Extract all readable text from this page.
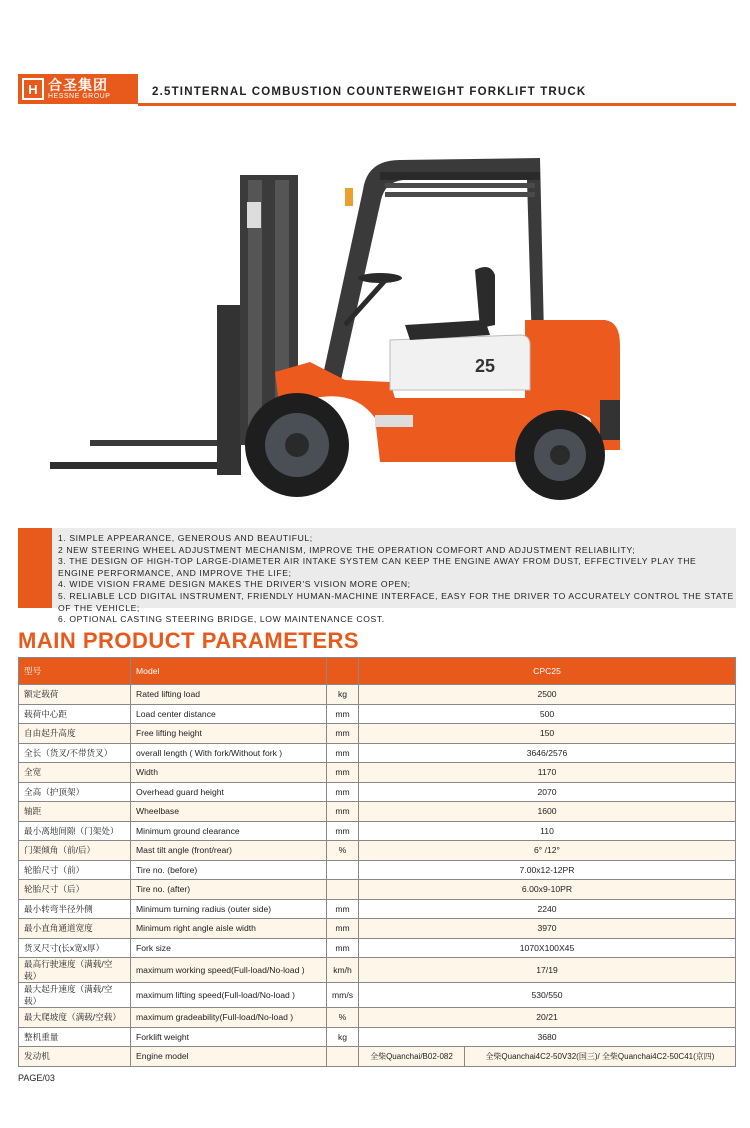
H 合圣集团
HESSNE GROUP	2.5TINTERNAL COMBUSTION COUNTERWEIGHT FORKLIFT TRUCK
25
1. SIMPLE APPEARANCE, GENEROUS AND BEAUTIFUL;
2 NEW STEERING WHEEL ADJUSTMENT MECHANISM, IMPROVE THE OPERATION COMFORT AND ADJUSTMENT RELIABILITY;
3. THE DESIGN OF HIGH-TOP LARGE-DIAMETER AIR INTAKE SYSTEM CAN KEEP THE ENGINE AWAY FROM DUST, EFFECTIVELY PLAY THE ENGINE PERFORMANCE, AND IMPROVE THE LIFE;
4. WIDE VISION FRAME DESIGN MAKES THE DRIVER'S VISION MORE OPEN;
5. RELIABLE LCD DIGITAL INSTRUMENT, FRIENDLY HUMAN-MACHINE INTERFACE, EASY FOR THE DRIVER TO ACCURATELY CONTROL THE STATE OF THE VEHICLE;
6. OPTIONAL CASTING STEERING BRIDGE, LOW MAINTENANCE COST.
MAIN PRODUCT PARAMETERS
型号	Model		CPC25	
额定载荷	Rated lifting load	kg	2500	
载荷中心距	Load center distance	mm	500	
自由起升高度	Free lifting height	mm	150	
全长（货叉/不带货叉）	overall length ( With fork/Without fork )	mm	3646/2576	
全宽	Width	mm	1170	
全高（护顶架）	Overhead guard height	mm	2070	
轴距	Wheelbase	mm	1600	
最小离地间隙（门架处）	Minimum ground clearance	mm	110	
门架倾角（前/后）	Mast tilt angle (front/rear)	%	6° /12°	
轮胎尺寸（前）	Tire no. (before)		7.00x12-12PR	
轮胎尺寸（后）	Tire no. (after)		6.00x9-10PR	
最小转弯半径外侧	Minimum turning radius (outer side)	mm	2240	
最小直角通道宽度	Minimum right angle aisle width	mm	3970	
货叉尺寸(长x宽x厚）	Fork size	mm	1070X100X45	
最高行驶速度（满载/空载）	maximum working speed(Full-load/No-load )	km/h	17/19	
最大起升速度（满载/空载）	maximum lifting speed(Full-load/No-load )	mm/s	530/550	
最大爬坡度（满载/空载）	maximum gradeability(Full-load/No-load )	%	20/21	
整机重量	Forklift weight	kg	3680	
发动机	Engine model		全柴Quanchai/B02-082	全柴Quanchai4C2-50V32(国三)/ 全柴Quanchai4C2-50C41(京四)
PAGE/03
